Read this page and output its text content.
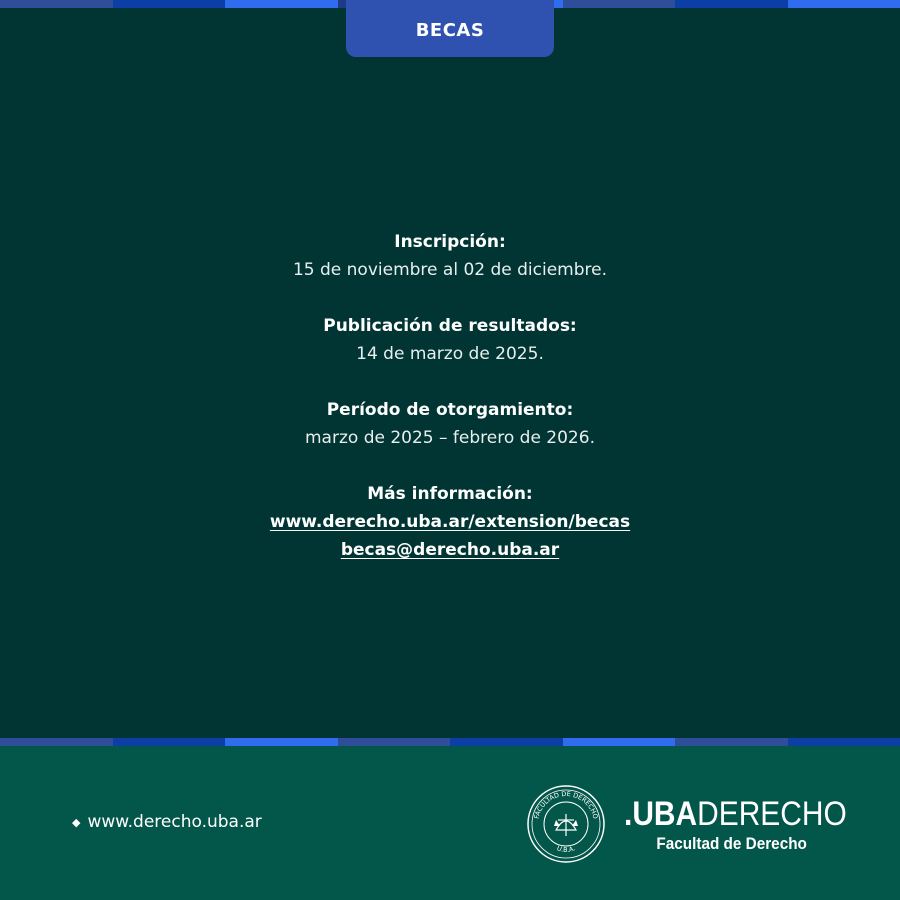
BECAS
Inscripción:
15 de noviembre al 02 de diciembre.
Publicación de resultados:
14 de marzo de 2025.
Período de otorgamiento:
marzo de 2025 – febrero de 2026.
Más información:
www.derecho.uba.ar/extension/becas
becas@derecho.uba.ar
◆ www.derecho.uba.ar	FACULTAD DE DERECHO
U.B.A.
.UBADERECHO
Facultad de Derecho
